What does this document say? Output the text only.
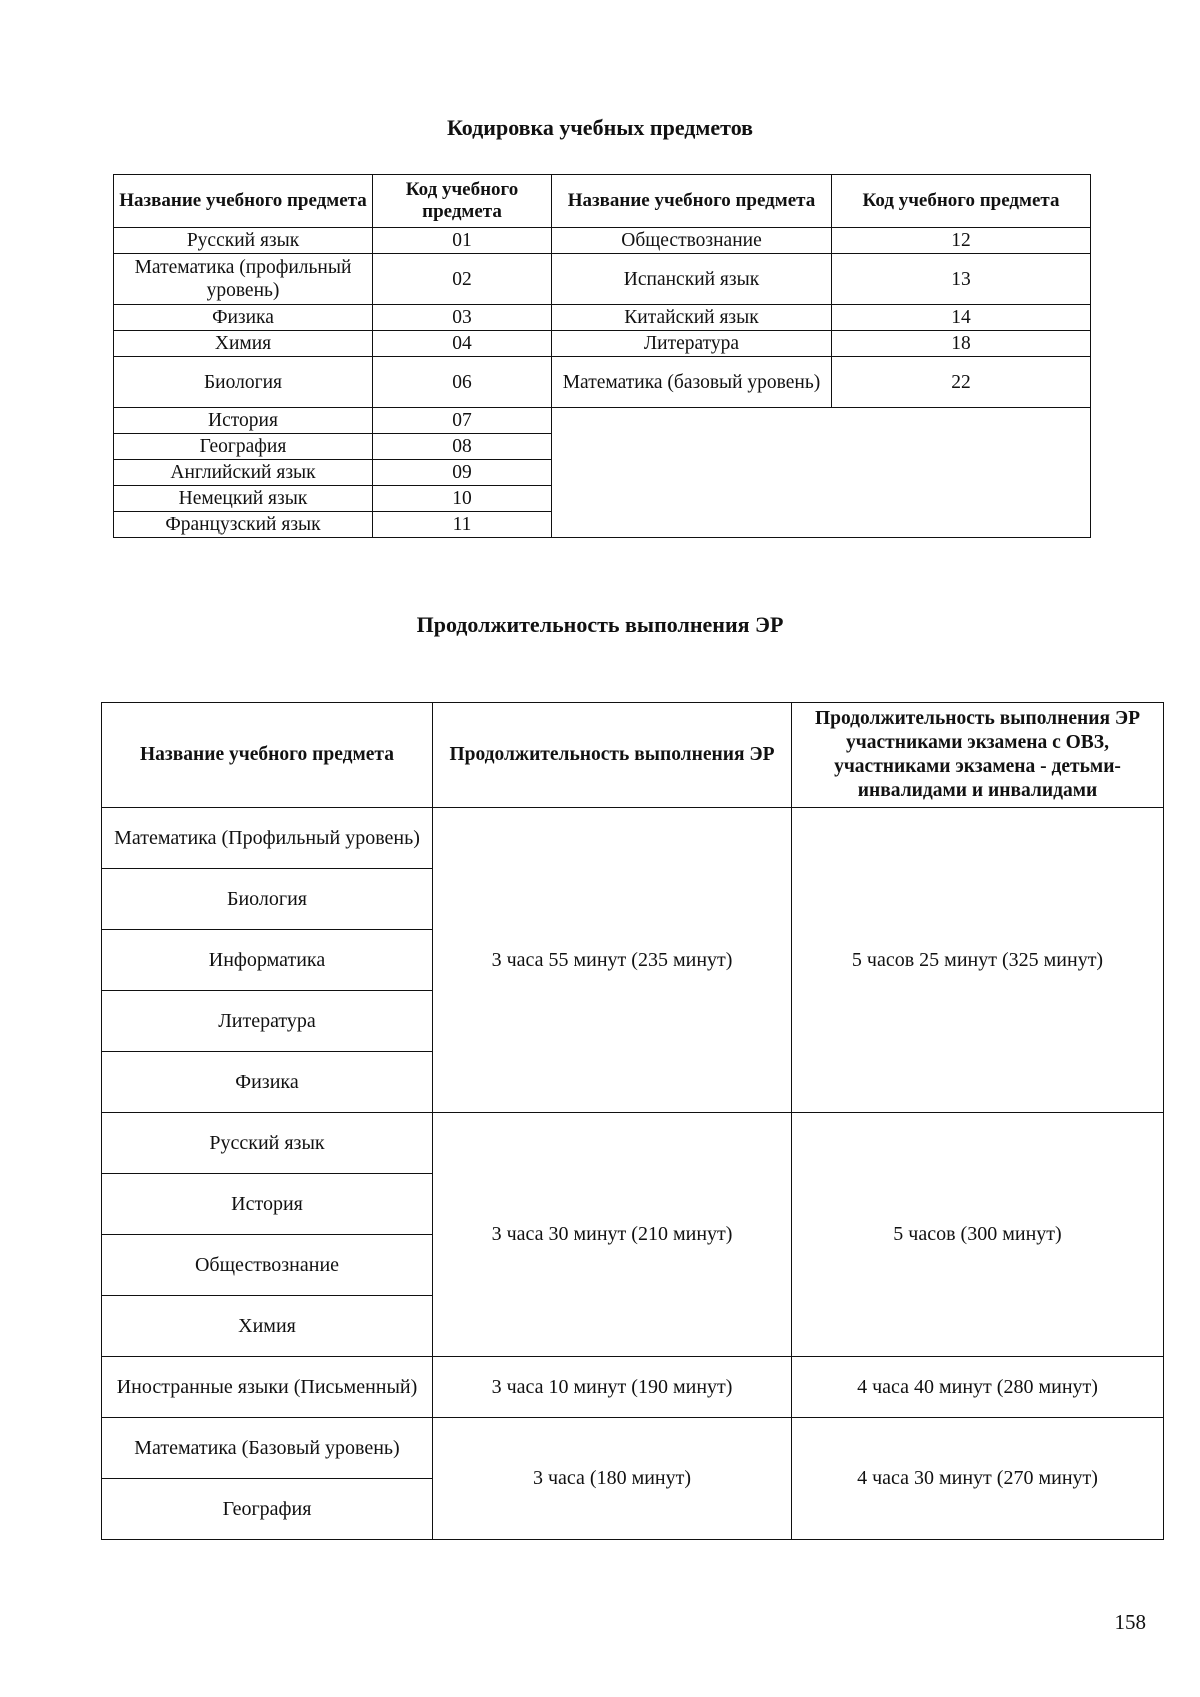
Кодировка учебных предметов
Название учебного предмета	Код учебного предмета	Название учебного предмета	Код учебного предмета
Русский язык	01	Обществознание	12
Математика (профильный уровень)	02	Испанский язык	13
Физика	03	Китайский язык	14
Химия	04	Литература	18
Биология	06	Математика (базовый уровень)	22
История	07		
География	08		
Английский язык	09		
Немецкий язык	10		
Французский язык	11		
Продолжительность выполнения ЭР
Название учебного предмета	Продолжительность выполнения ЭР	Продолжительность выполнения ЭР участниками экзамена с ОВЗ, участниками экзамена - детьми-инвалидами и инвалидами
Математика (Профильный уровень)	3 часа 55 минут (235 минут)	5 часов 25 минут (325 минут)
Биология		
Информатика		
Литература		
Физика		
Русский язык	3 часа 30 минут (210 минут)	5 часов (300 минут)
История		
Обществознание		
Химия		
Иностранные языки (Письменный)	3 часа 10 минут (190 минут)	4 часа 40 минут (280 минут)
Математика (Базовый уровень)	3 часа (180 минут)	4 часа 30 минут (270 минут)
География		

158
